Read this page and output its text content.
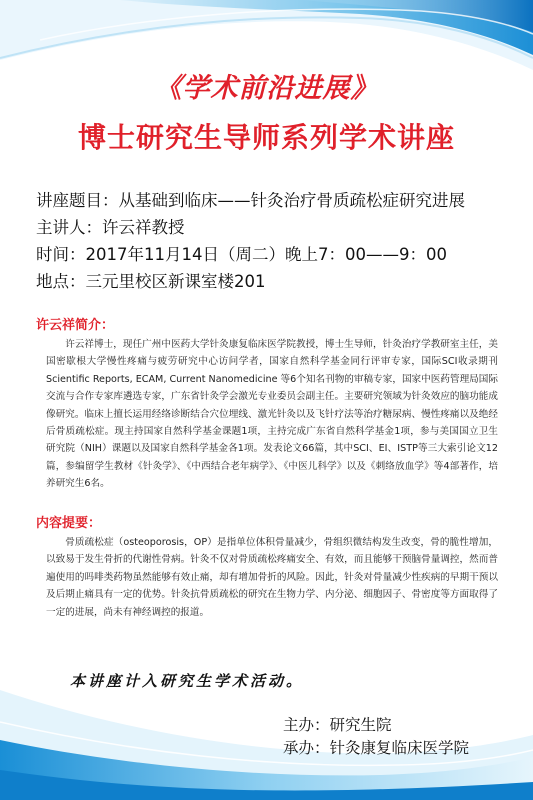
《学术前沿进展》
博士研究生导师系列学术讲座
讲座题目：从基础到临床——针灸治疗骨质疏松症研究进展
主讲人：许云祥教授
时间：2017年11月14日（周二）晚上7：00——9：00
地点：三元里校区新课室楼201
许云祥简介：

许云祥博士，现任广州中医药大学针灸康复临床医学院教授，博士生导师，针灸治疗学教研室主任，美国密歇根大学慢性疼痛与疲劳研究中心访问学者，国家自然科学基金同行评审专家，国际SCI收录期刊Scientific Reports, ECAM, Current Nanomedicine 等6个知名刊物的审稿专家，国家中医药管理局国际交流与合作专家库遴选专家，广东省针灸学会激光专业委员会副主任。主要研究领域为针灸效应的脑功能成像研究。临床上擅长运用经络诊断结合穴位埋线、激光针灸以及飞针疗法等治疗糖尿病、慢性疼痛以及绝经后骨质疏松症。现主持国家自然科学基金课题1项，主持完成广东省自然科学基金1项，参与美国国立卫生研究院（NIH）课题以及国家自然科学基金各1项。发表论文66篇，其中SCI、EI、ISTP等三大索引论文12篇，参编留学生教材《针灸学》、《中西结合老年病学》、《中医儿科学》以及《刺络放血学》等4部著作，培养研究生6名。

内容提要：

骨质疏松症（osteoporosis，OP）是指单位体积骨量减少，骨组织微结构发生改变，骨的脆性增加，以致易于发生骨折的代谢性骨病。针灸不仅对骨质疏松疼痛安全、有效，而且能够干预脑骨量调控，然而普遍使用的吗啡类药物虽然能够有效止痛，却有增加骨折的风险。因此，针灸对骨量减少性疾病的早期干预以及后期止痛具有一定的优势。针灸抗骨质疏松的研究在生物力学、内分泌、细胞因子、骨密度等方面取得了一定的进展，尚未有神经调控的报道。

本讲座计入研究生学术活动。
主办：研究生院
承办：针灸康复临床医学院
